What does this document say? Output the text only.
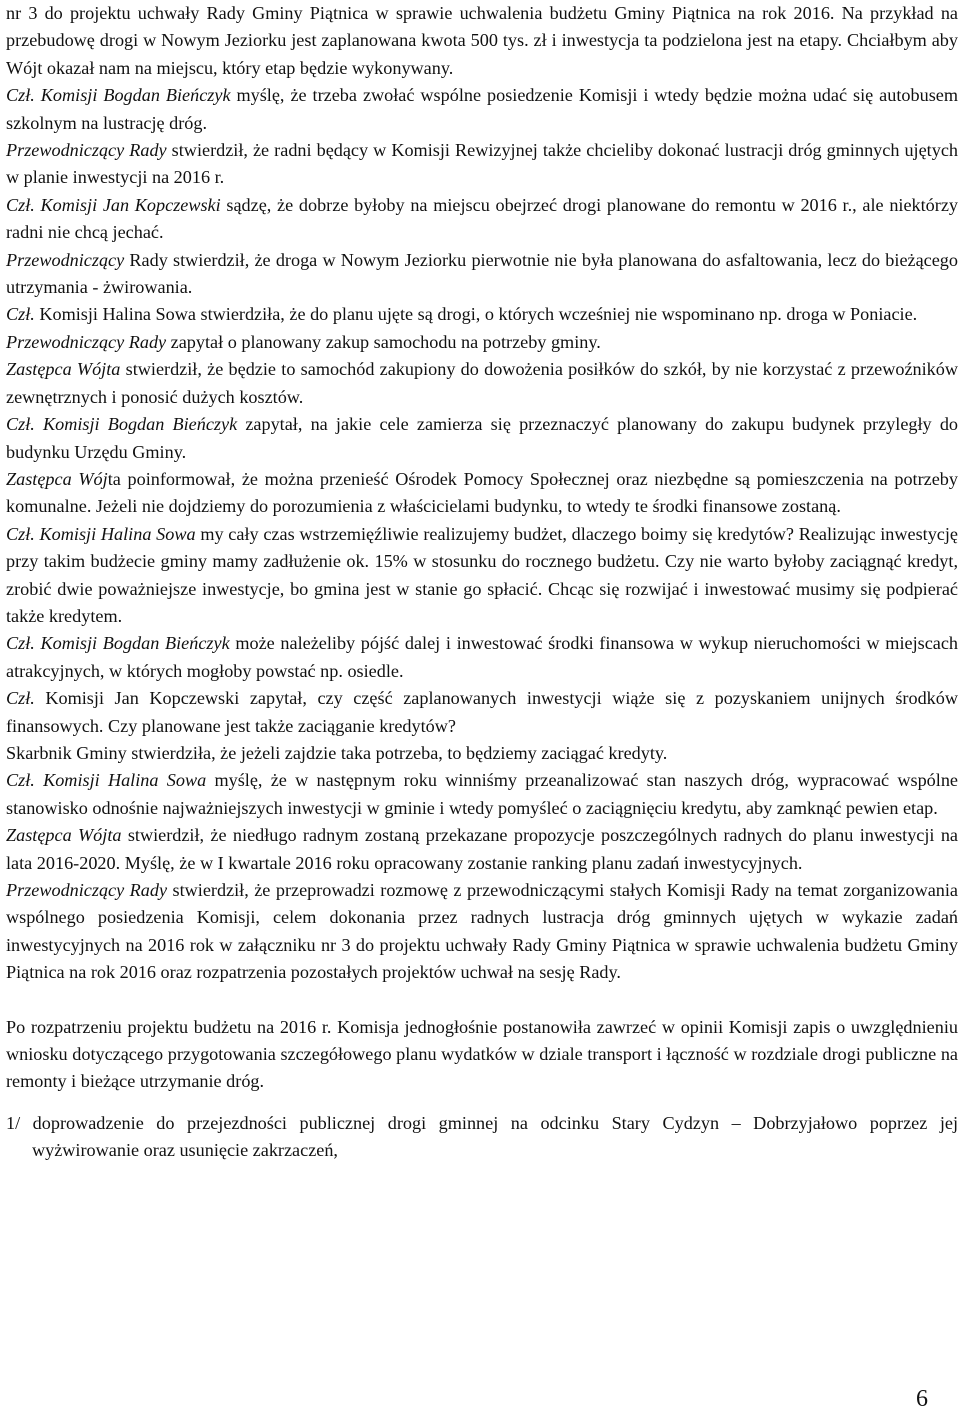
nr 3 do projektu uchwały Rady Gminy Piątnica w sprawie uchwalenia budżetu Gminy Piątnica na rok 2016. Na przykład na przebudowę drogi w Nowym Jeziorku jest zaplanowana kwota 500 tys. zł i inwestycja ta podzielona jest na etapy. Chciałbym aby Wójt okazał nam na miejscu, który etap będzie wykonywany.

Czł. Komisji Bogdan Bieńczyk myślę, że trzeba zwołać wspólne posiedzenie Komisji i wtedy będzie można udać się autobusem szkolnym na lustrację dróg.

Przewodniczący Rady stwierdził, że radni będący w Komisji Rewizyjnej także chcieliby dokonać lustracji dróg gminnych ujętych w planie inwestycji na 2016 r.

Czł. Komisji Jan Kopczewski sądzę, że dobrze byłoby na miejscu obejrzeć drogi planowane do remontu w 2016 r., ale niektórzy radni nie chcą jechać.

Przewodniczący Rady stwierdził, że droga w Nowym Jeziorku pierwotnie nie była planowana do asfaltowania, lecz do bieżącego utrzymania - żwirowania.

Czł. Komisji Halina Sowa stwierdziła, że do planu ujęte są drogi, o których wcześniej nie wspominano np. droga w Poniacie.

Przewodniczący Rady zapytał o planowany zakup samochodu na potrzeby gminy.

Zastępca Wójta stwierdził, że będzie to samochód zakupiony do dowożenia posiłków do szkół, by nie korzystać z przewoźników zewnętrznych i ponosić dużych kosztów.

Czł. Komisji Bogdan Bieńczyk zapytał, na jakie cele zamierza się przeznaczyć planowany do zakupu budynek przyległy do budynku Urzędu Gminy.

Zastępca Wójta poinformował, że można przenieść Ośrodek Pomocy Społecznej oraz niezbędne są pomieszczenia na potrzeby komunalne. Jeżeli nie dojdziemy do porozumienia z właścicielami budynku, to wtedy te środki finansowe zostaną.

Czł. Komisji Halina Sowa my cały czas wstrzemięźliwie realizujemy budżet, dlaczego boimy się kredytów? Realizując inwestycję przy takim budżecie gminy mamy zadłużenie ok. 15% w stosunku do rocznego budżetu. Czy nie warto byłoby zaciągnąć kredyt, zrobić dwie poważniejsze inwestycje, bo gmina jest w stanie go spłacić. Chcąc się rozwijać i inwestować musimy się podpierać także kredytem.

Czł. Komisji Bogdan Bieńczyk może należeliby pójść dalej i inwestować środki finansowa w wykup nieruchomości w miejscach atrakcyjnych, w których mogłoby powstać np. osiedle.

Czł. Komisji Jan Kopczewski zapytał, czy część zaplanowanych inwestycji wiąże się z pozyskaniem unijnych środków finansowych. Czy planowane jest także zaciąganie kredytów?

Skarbnik Gminy stwierdziła, że jeżeli zajdzie taka potrzeba, to będziemy zaciągać kredyty.

Czł. Komisji Halina Sowa myślę, że w następnym roku winniśmy przeanalizować stan naszych dróg, wypracować wspólne stanowisko odnośnie najważniejszych inwestycji w gminie i wtedy pomyśleć o zaciągnięciu kredytu, aby zamknąć pewien etap.

Zastępca Wójta stwierdził, że niedługo radnym zostaną przekazane propozycje poszczególnych radnych do planu inwestycji na lata 2016-2020. Myślę, że w I kwartale 2016 roku opracowany zostanie ranking planu zadań inwestycyjnych.

Przewodniczący Rady stwierdził, że przeprowadzi rozmowę z przewodniczącymi stałych Komisji Rady na temat zorganizowania wspólnego posiedzenia Komisji, celem dokonania przez radnych lustracja dróg gminnych ujętych w wykazie zadań inwestycyjnych na 2016 rok w załączniku nr 3 do projektu uchwały Rady Gminy Piątnica w sprawie uchwalenia budżetu Gminy Piątnica na rok 2016 oraz rozpatrzenia pozostałych projektów uchwał na sesję Rady.

Po rozpatrzeniu projektu budżetu na 2016 r. Komisja jednogłośnie postanowiła zawrzeć w opinii Komisji zapis o uwzględnieniu wniosku dotyczącego przygotowania szczegółowego planu wydatków w dziale transport i łączność w rozdziale drogi publiczne na remonty i bieżące utrzymanie dróg.

1/ doprowadzenie do przejezdności publicznej drogi gminnej na odcinku Stary Cydzyn – Dobrzyjałowo poprzez jej wyżwirowanie oraz usunięcie zakrzaczeń,

6
